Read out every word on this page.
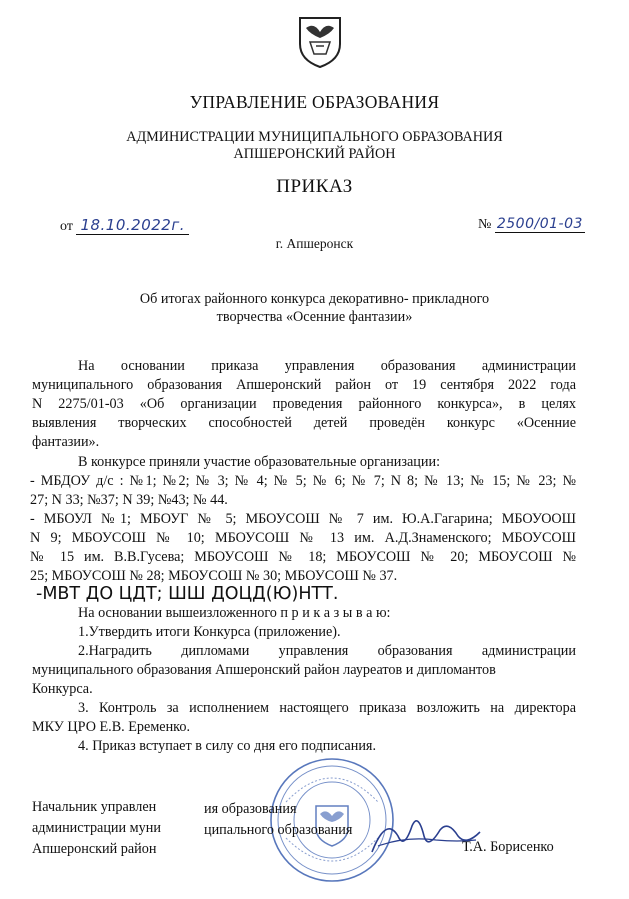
УПРАВЛЕНИЕ ОБРАЗОВАНИЯ
АДМИНИСТРАЦИИ МУНИЦИПАЛЬНОГО ОБРАЗОВАНИЯ
АПШЕРОНСКИЙ РАЙОН
ПРИКАЗ
от 18.10.2022г.	№ 2500/01-03
г. Апшеронск
Об итогах районного конкурса декоративно- прикладного
творчества «Осенние фантазии»
На основании приказа управления образования администрации
муниципального образования Апшеронский район от 19 сентября 2022 года
N 2275/01-03 «Об организации проведения районного конкурса», в целях
выявления творческих способностей детей проведён конкурс «Осенние
фантазии».
В конкурсе приняли участие образовательные организации:
- МБДОУ д/с : №1; №2; № 3; № 4; № 5; № 6; № 7; N 8; № 13; № 15; № 23; №
27; N 33; №37; N 39; №43; № 44.
- МБОУЛ №1; МБОУГ № 5; МБОУСОШ № 7 им. Ю.А.Гагарина; МБОУООШ
N 9; МБОУСОШ № 10; МБОУСОШ № 13 им. А.Д.Знаменского; МБОУСОШ
№ 15 им. В.В.Гусева; МБОУСОШ № 18; МБОУСОШ № 20; МБОУСОШ №
25; МБОУСОШ № 28; МБОУСОШ № 30; МБОУСОШ № 37.
-МВТ ДО ЦДТ; ШШ ДОЦД(Ю)НТТ.
На основании вышеизложенного п р и к а з ы в а ю:
1.Утвердить итоги Конкурса (приложение).
2.Наградить дипломами управления образования администрации
муниципального образования Апшеронский район лауреатов и дипломантов
Конкурса.
3. Контроль за исполнением настоящего приказа возложить на директора
МКУ ЦРО Е.В. Еременко.
4. Приказ вступает в силу со дня его подписания.
Начальник управлен
администрации муни
Апшеронский район
ия образования
ципального образования
Т.А. Борисенко
